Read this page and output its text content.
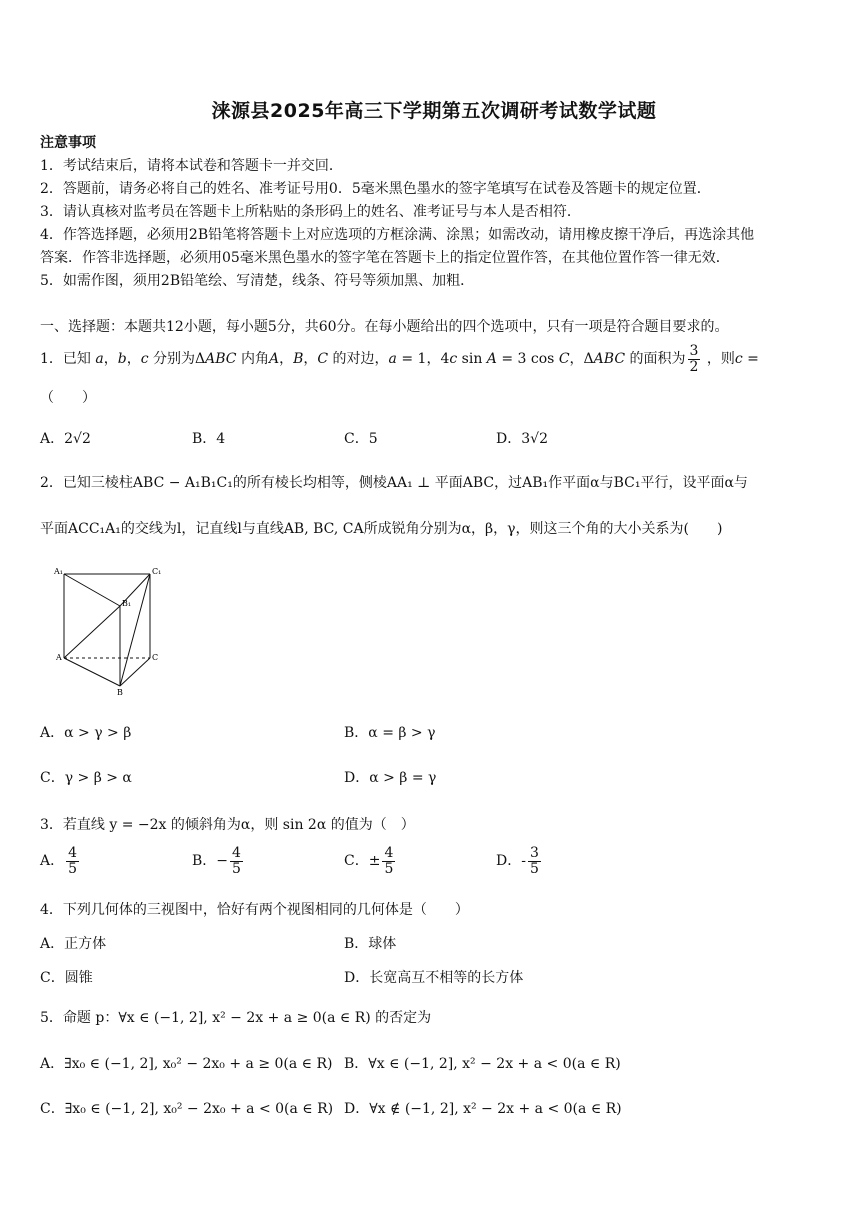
涞源县2025年高三下学期第五次调研考试数学试题
注意事项
1．考试结束后，请将本试卷和答题卡一并交回．
2．答题前，请务必将自己的姓名、准考证号用0．5毫米黑色墨水的签字笔填写在试卷及答题卡的规定位置．
3．请认真核对监考员在答题卡上所粘贴的条形码上的姓名、准考证号与本人是否相符．
4．作答选择题，必须用2B铅笔将答题卡上对应选项的方框涂满、涂黑；如需改动，请用橡皮擦干净后，再选涂其他
答案．作答非选择题，必须用05毫米黑色墨水的签字笔在答题卡上的指定位置作答，在其他位置作答一律无效．
5．如需作图，须用2B铅笔绘、写清楚，线条、符号等须加黑、加粗．
一、选择题：本题共12小题，每小题5分，共60分。在每小题给出的四个选项中，只有一项是符合题目要求的。
1．已知 a，b，c 分别为ΔABC 内角A，B，C 的对边，a = 1，4c sin A = 3 cos C，ΔABC 的面积为 $\frac{3}{2}$ ，则c =
（　　）
A．2√2	B．4	C．5	D．3√2
2．已知三棱柱ABC − A₁B₁C₁的所有棱长均相等，侧棱AA₁ ⊥ 平面ABC，过AB₁作平面α与BC₁平行，设平面α与
平面ACC₁A₁的交线为l，记直线l与直线AB, BC, CA所成锐角分别为α，β，γ，则这三个角的大小关系为(　　)
A₁	C₁
B₁
A	C
B
A．α > γ > β	B．α = β > γ
C．γ > β > α	D．α > β = γ
3．若直线 y = −2x 的倾斜角为α，则 sin 2α 的值为（　）
A． $\frac{4}{5}$	B．− $\frac{4}{5}$	C．± $\frac{4}{5}$	D．- $\frac{3}{5}$
4．下列几何体的三视图中，恰好有两个视图相同的几何体是（　　）
A．正方体	B．球体
C．圆锥	D．长宽高互不相等的长方体
5．命题 p：∀x ∈ (−1, 2], x² − 2x + a ≥ 0(a ∈ R) 的否定为
A．∃x₀ ∈ (−1, 2], x₀² − 2x₀ + a ≥ 0(a ∈ R) B．∀x ∈ (−1, 2], x² − 2x + a < 0(a ∈ R)
C．∃x₀ ∈ (−1, 2], x₀² − 2x₀ + a < 0(a ∈ R) D．∀x ∉ (−1, 2], x² − 2x + a < 0(a ∈ R)
